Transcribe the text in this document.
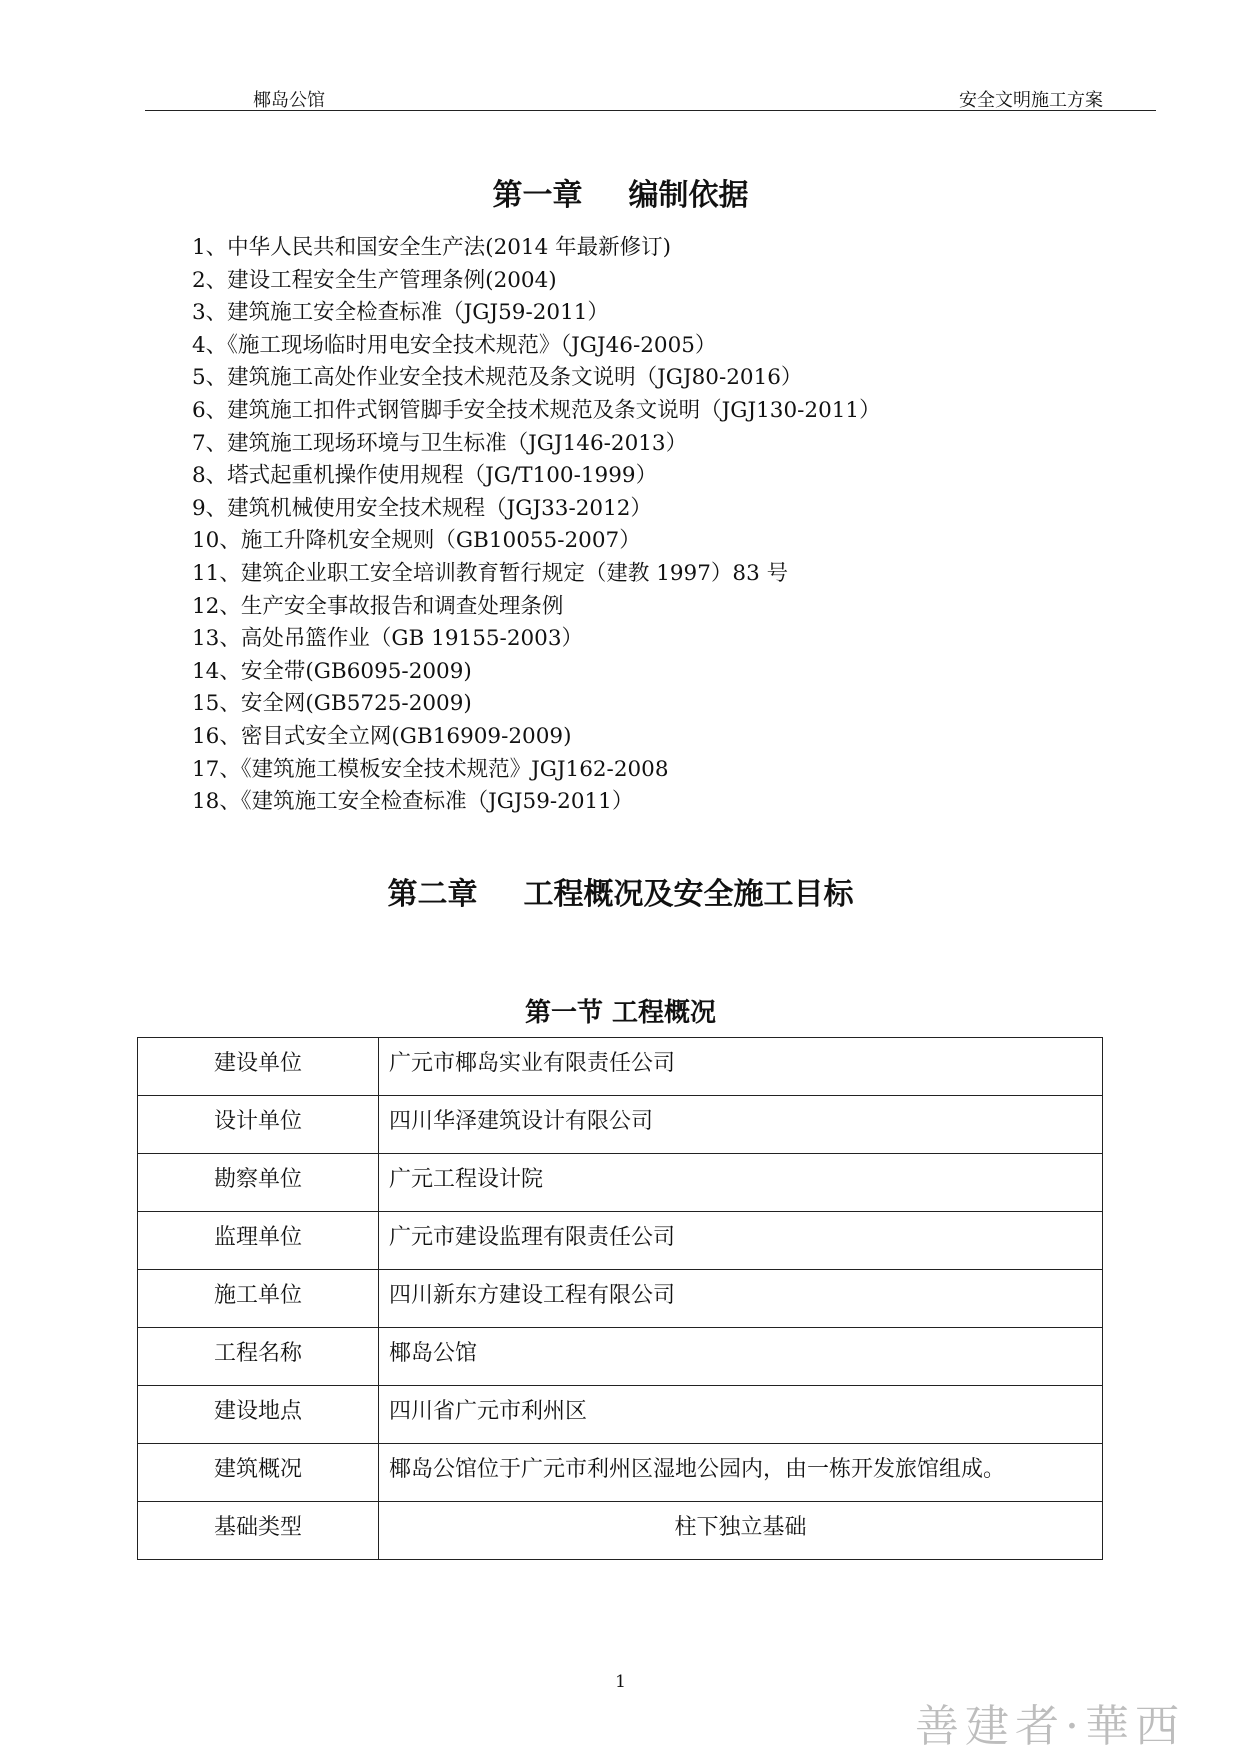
椰岛公馆	安全文明施工方案
第一章 编制依据
1、中华人民共和国安全生产法(2014 年最新修订)
2、建设工程安全生产管理条例(2004)
3、建筑施工安全检查标准（JGJ59-2011）
4、《施工现场临时用电安全技术规范》（JGJ46-2005）
5、建筑施工高处作业安全技术规范及条文说明（JGJ80-2016）
6、建筑施工扣件式钢管脚手安全技术规范及条文说明（JGJ130-2011）
7、建筑施工现场环境与卫生标准（JGJ146-2013）
8、塔式起重机操作使用规程（JG/T100-1999）
9、建筑机械使用安全技术规程（JGJ33-2012）
10、施工升降机安全规则（GB10055-2007）
11、建筑企业职工安全培训教育暂行规定（建教 1997）83 号
12、生产安全事故报告和调查处理条例
13、高处吊篮作业（GB 19155-2003）
14、安全带(GB6095-2009)
15、安全网(GB5725-2009)
16、密目式安全立网(GB16909-2009)
17、《建筑施工模板安全技术规范》JGJ162-2008
18、《建筑施工安全检查标准（JGJ59-2011）
第二章 工程概况及安全施工目标
第一节 工程概况
建设单位	广元市椰岛实业有限责任公司
设计单位	四川华泽建筑设计有限公司
勘察单位	广元工程设计院
监理单位	广元市建设监理有限责任公司
施工单位	四川新东方建设工程有限公司
工程名称	椰岛公馆
建设地点	四川省广元市利州区
建筑概况	椰岛公馆位于广元市利州区湿地公园内，由一栋开发旅馆组成。
基础类型	柱下独立基础
1
善建者·華西
